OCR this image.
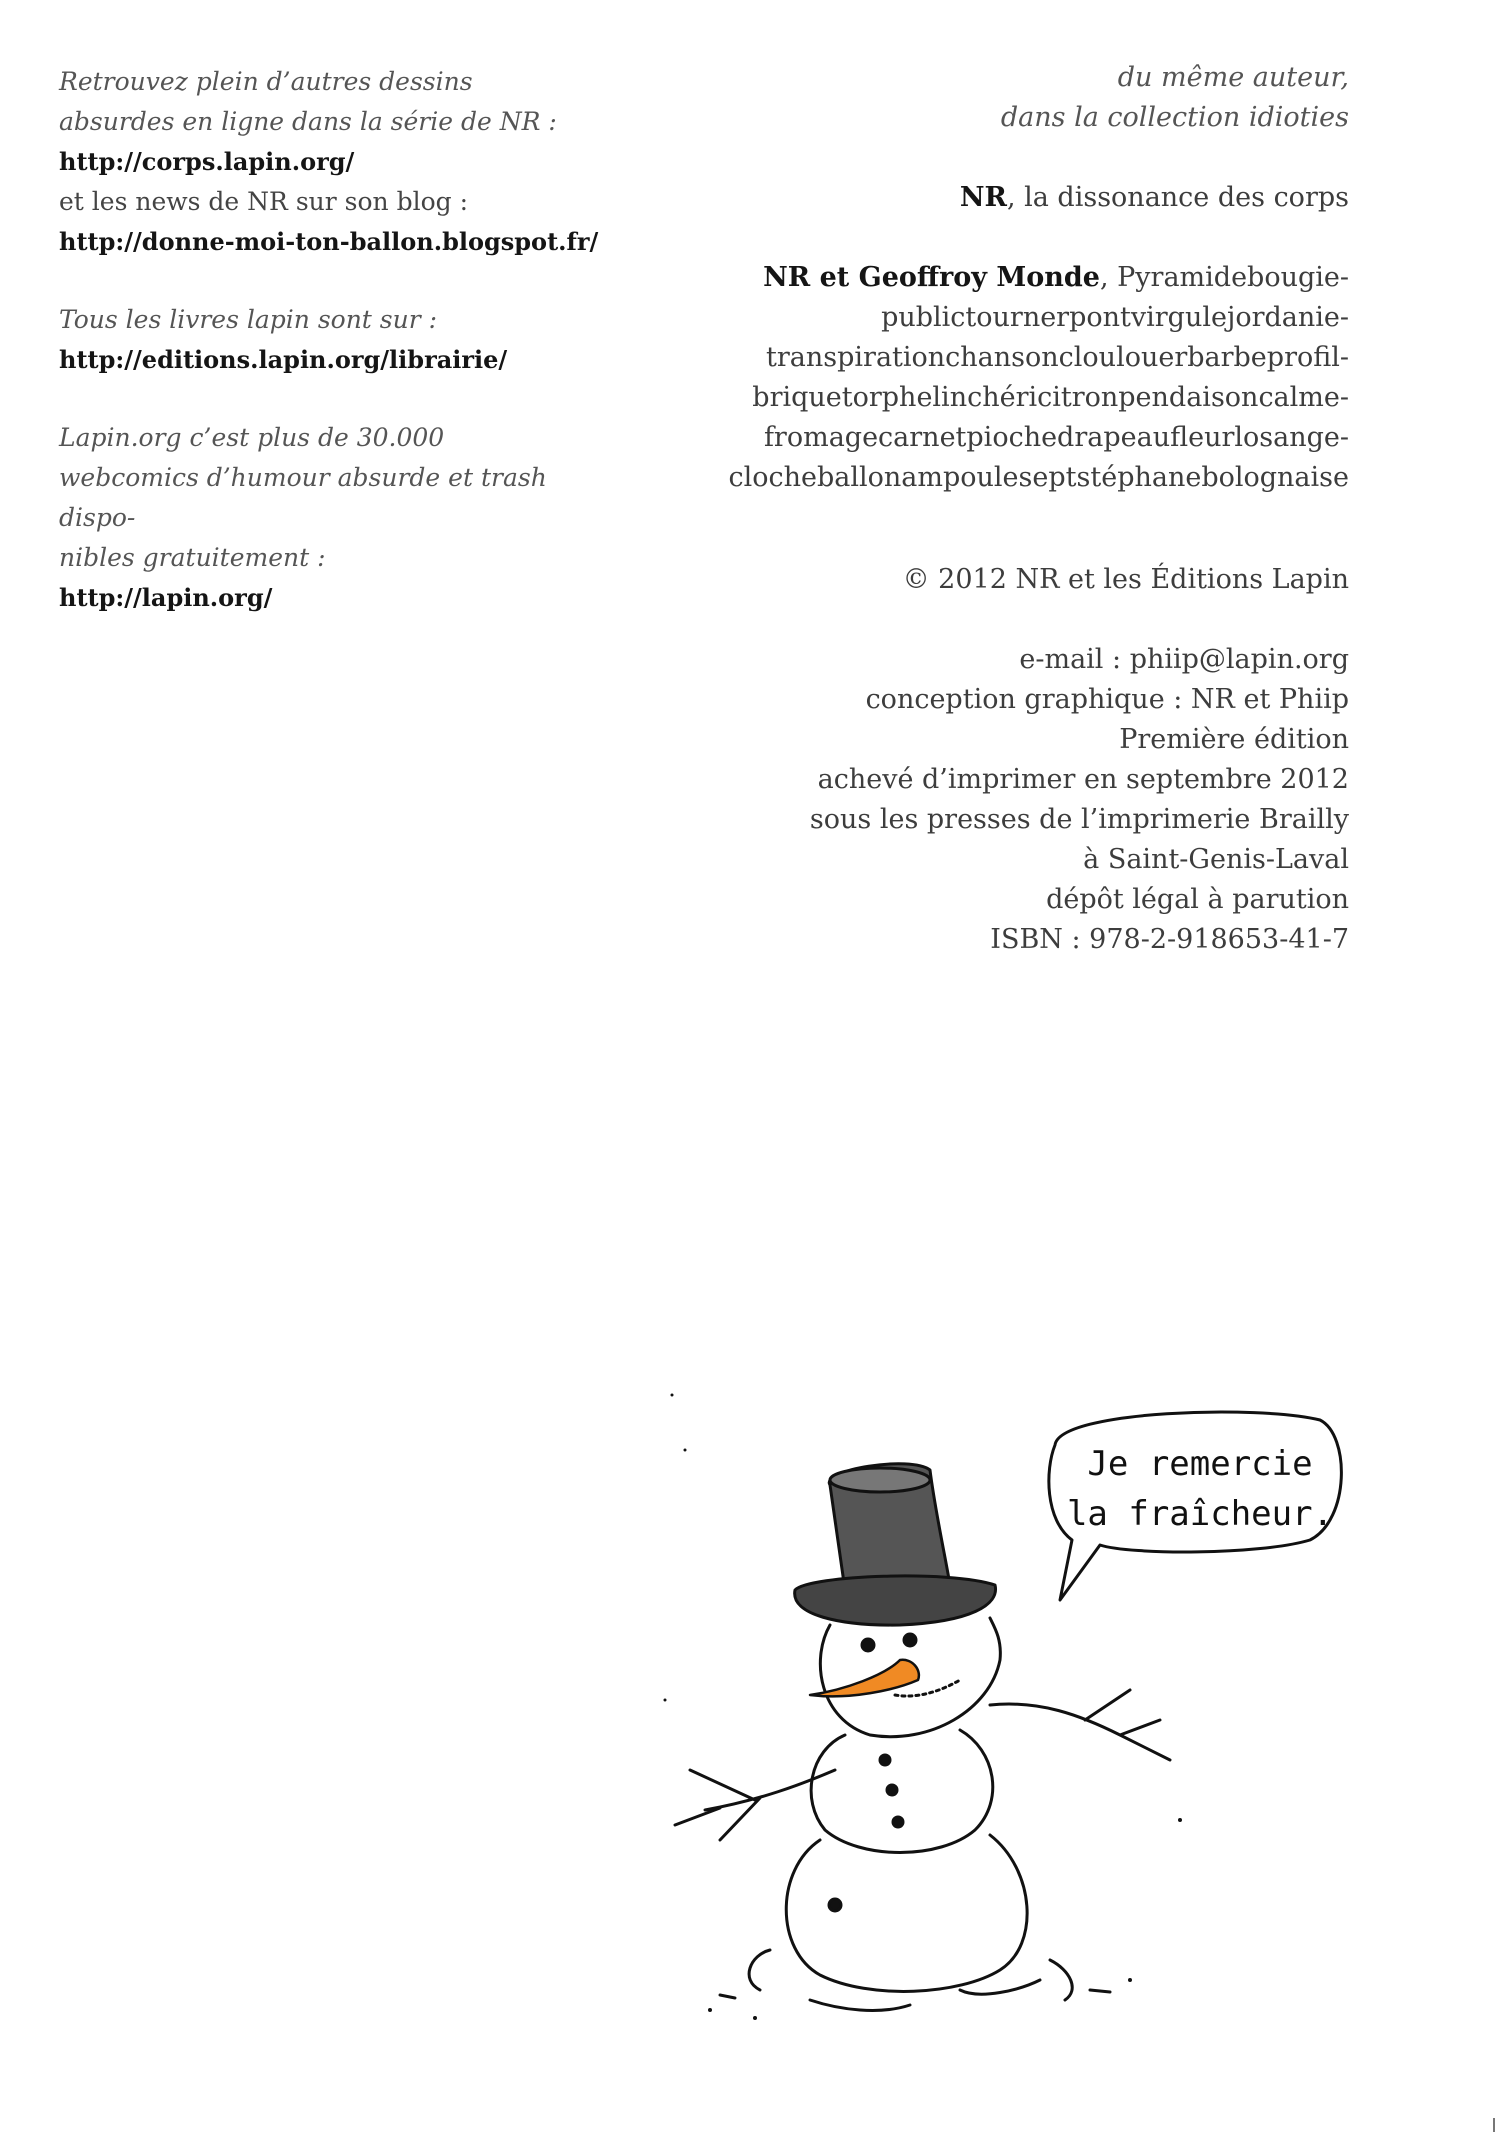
Retrouvez plein d’autres dessins
absurdes en ligne dans la série de NR :
http://corps.lapin.org/
et les news de NR sur son blog :
http://donne-moi-ton-ballon.blogspot.fr/
Tous les livres lapin sont sur :
http://editions.lapin.org/librairie/
Lapin.org c’est plus de 30.000
webcomics d’humour absurde et trash dispo-
nibles gratuitement :
http://lapin.org/
du même auteur,
dans la collection idioties
NR, la dissonance des corps
NR et Geoffroy Monde, Pyramidebougie-
publictournerpontvirgulejordanie-
transpirationchansoncloulouerbarbeprofil-
briquetorphelinchéricitronpendaisoncalme-
fromagecarnetpiochedrapeaufleurlosange-
clocheballonampouleseptstéphanebolognaise
© 2012 NR et les Éditions Lapin
e-mail : phiip@lapin.org
conception graphique : NR et Phiip
Première édition
achevé d’imprimer en septembre 2012
sous les presses de l’imprimerie Brailly
à Saint-Genis-Laval
dépôt légal à parution
ISBN : 978-2-918653-41-7
Je remercie
la fraîcheur.
